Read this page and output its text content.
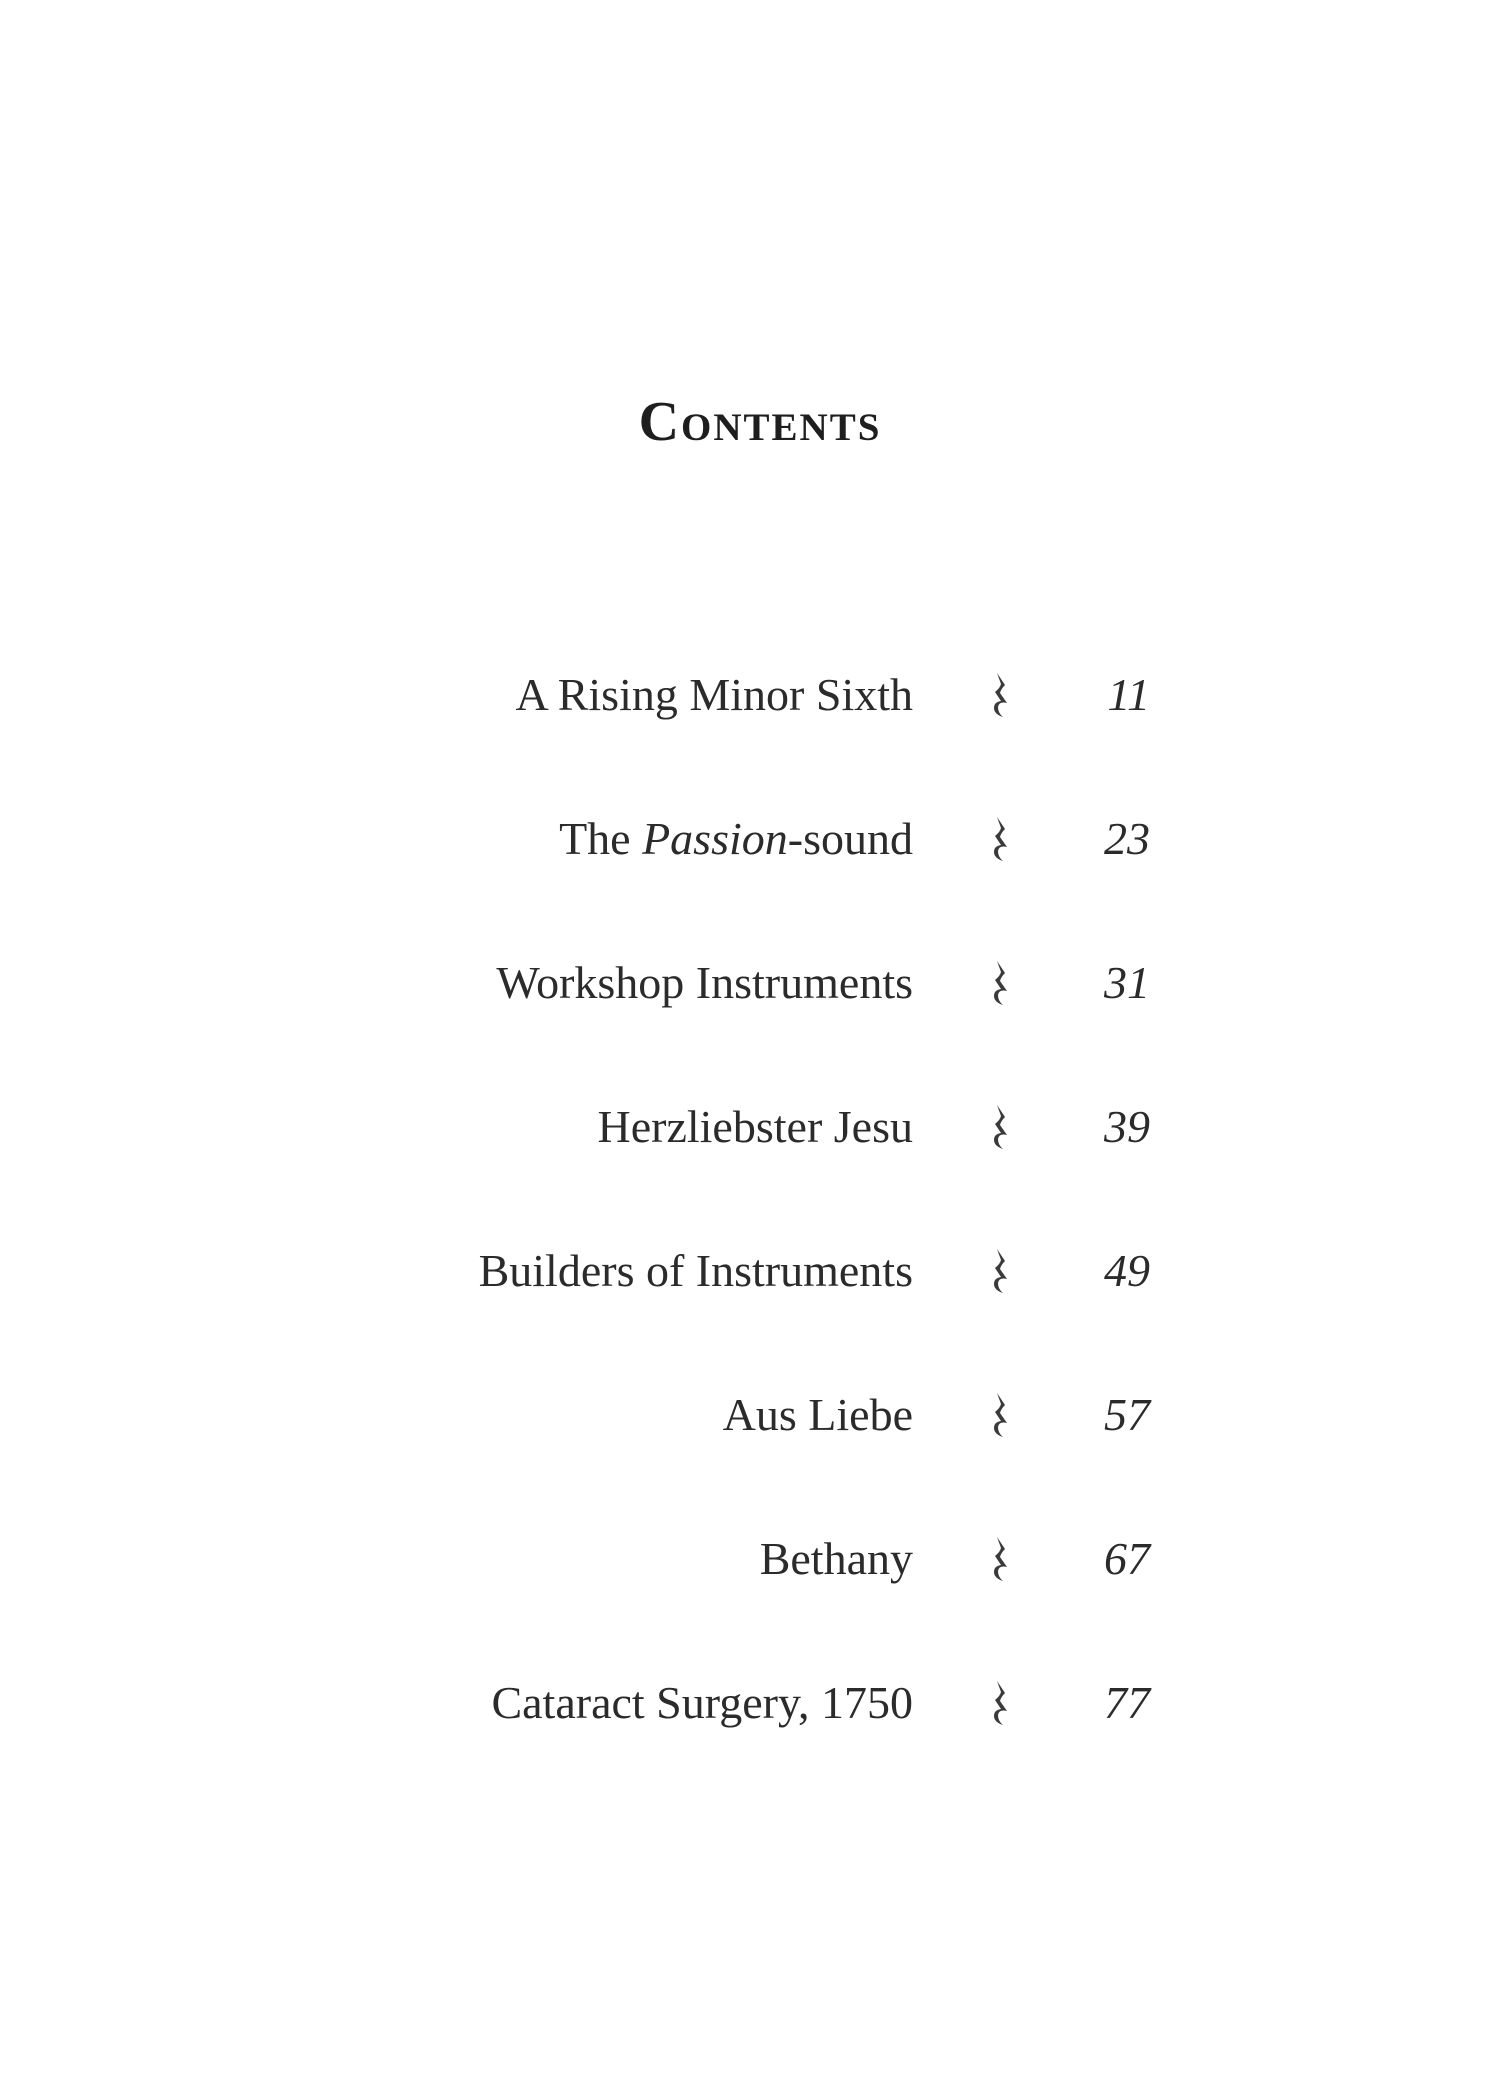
Contents
A Rising Minor Sixth	11
The Passion-sound	23
Workshop Instruments	31
Herzliebster Jesu	39
Builders of Instruments	49
Aus Liebe	57
Bethany	67
Cataract Surgery, 1750	77
